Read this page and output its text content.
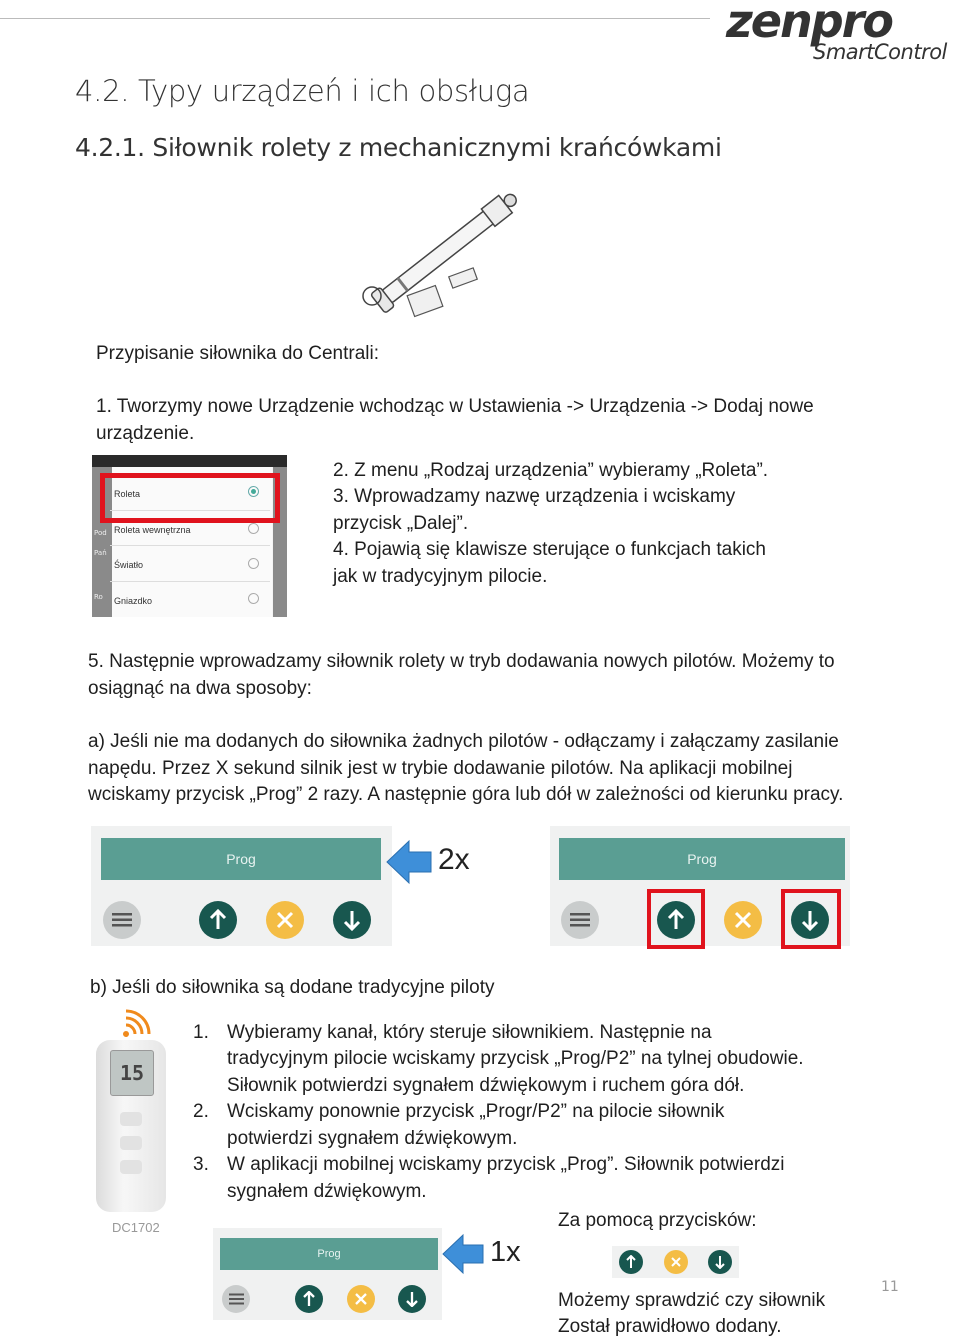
zenpro
SmartControl
4.2. Typy urządzeń i ich obsługa
4.2.1. Siłownik rolety z mechanicznymi krańcówkami
Przypisanie siłownika do Centrali:
1. Tworzymy nowe Urządzenie wchodząc w Ustawienia -> Urządzenia -> Dodaj nowe
urządzenie.
Roleta
Roleta wewnętrzna
Światło
Gniazdko
Pod
Pań
Ro
2. Z menu „Rodzaj urządzenia” wybieramy „Roleta”.
3. Wprowadzamy nazwę urządzenia i wciskamy
przycisk „Dalej”.
4. Pojawią się klawisze sterujące o funkcjach takich
jak w tradycyjnym pilocie.
5. Następnie wprowadzamy siłownik rolety w tryb dodawania nowych pilotów. Możemy to
osiągnąć na dwa sposoby:
a) Jeśli nie ma dodanych do siłownika żadnych pilotów - odłączamy i załączamy zasilanie
napędu. Przez X sekund silnik jest w trybie dodawanie pilotów. Na aplikacji mobilnej
wciskamy przycisk „Prog” 2 razy. A następnie góra lub dół w zależności od kierunku pracy.
Prog	2x	Prog
b) Jeśli do siłownika są dodane tradycyjne piloty
15
DC1702
1. Wybieramy kanał, który steruje siłownikiem. Następnie na
tradycyjnym pilocie wciskamy przycisk „Prog/P2” na tylnej obudowie.
Siłownik potwierdzi sygnałem dźwiękowym i ruchem góra dół.
2. Wciskamy ponownie przycisk „Progr/P2” na pilocie siłownik
potwierdzi sygnałem dźwiękowym.
3. W aplikacji mobilnej wciskamy przycisk „Prog”. Siłownik potwierdzi
sygnałem dźwiękowym.
Prog	1x
Za pomocą przycisków:
Możemy sprawdzić czy siłownik
Został prawidłowo dodany.
11
